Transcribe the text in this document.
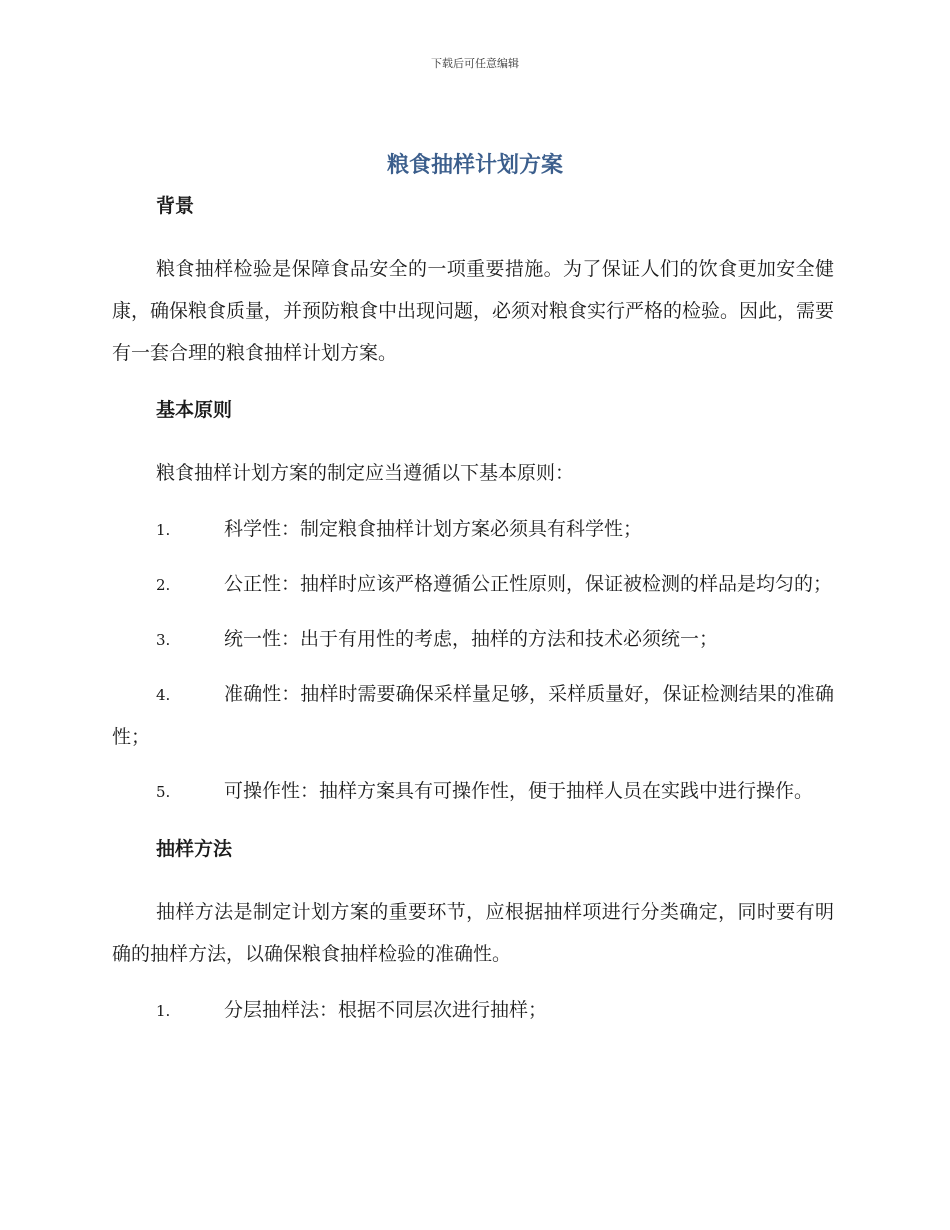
下载后可任意编辑
粮食抽样计划方案
背景
粮食抽样检验是保障食品安全的一项重要措施。为了保证人们的饮食更加安全健康，确保粮食质量，并预防粮食中出现问题，必须对粮食实行严格的检验。因此，需要有一套合理的粮食抽样计划方案。
基本原则
粮食抽样计划方案的制定应当遵循以下基本原则：
1.	科学性：制定粮食抽样计划方案必须具有科学性；
2.	公正性：抽样时应该严格遵循公正性原则，保证被检测的样品是均匀的；
3.	统一性：出于有用性的考虑，抽样的方法和技术必须统一；
4.	准确性：抽样时需要确保采样量足够，采样质量好，保证检测结果的准确性；
5.	可操作性：抽样方案具有可操作性，便于抽样人员在实践中进行操作。
抽样方法
抽样方法是制定计划方案的重要环节，应根据抽样项进行分类确定，同时要有明确的抽样方法，以确保粮食抽样检验的准确性。
1.	分层抽样法：根据不同层次进行抽样；
